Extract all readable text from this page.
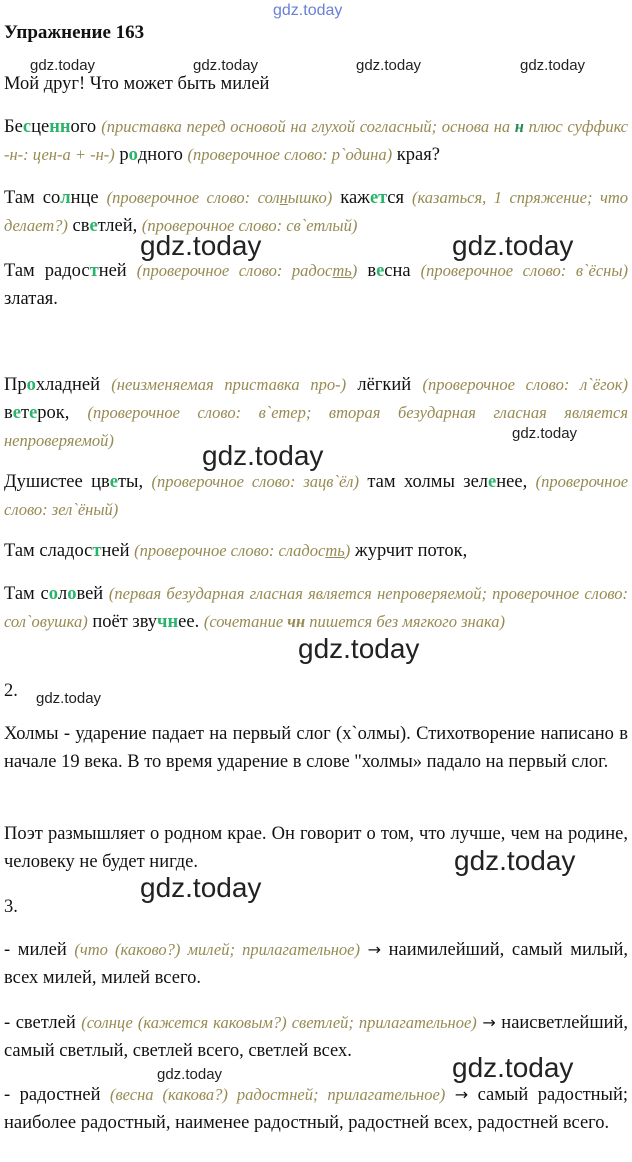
gdz.today
gdz.today	gdz.today	gdz.today	gdz.today
Упражнение 163

Мой друг! Что может быть милей

Бесценного (приставка перед основой на глухой согласный; основа на н плюс суффикс -н-: цен-а + -н-) родного (проверочное слово: р`одина) края?

Там солнце (проверочное слово: солнышко) кажется (казаться, 1 спряжение; что делает?) светлей, (проверочное слово: св`етлый)

gdz.today	gdz.today

Там радостней (проверочное слово: радость) весна (проверочное слово: в`ёсны) златая.

Прохладней (неизменяемая приставка про-) лёгкий (проверочное слово: л`ёгок) ветерок, (проверочное слово: в`етер; вторая безударная гласная является непроверяемой)	gdz.today
gdz.today

Душистее цветы, (проверочное слово: зацв`ёл) там холмы зеленее, (проверочное слово: зел`ёный)

Там сладостней (проверочное слово: сладость) журчит поток,

Там соловей (первая безударная гласная является непроверяемой; проверочное слово: сол`овушка) поёт звучнее. (сочетание чн пишется без мягкого знака)

gdz.today

2.	gdz.today

Холмы - ударение падает на первый слог (х`олмы). Стихотворение написано в начале 19 века. В то время ударение в слове "холмы» падало на первый слог.

Поэт размышляет о родном крае. Он говорит о том, что лучше, чем на родине, человеку не будет нигде.	gdz.today
gdz.today

3.

- милей (что (каково?) милей; прилагательное) → наимилейший, самый милый, всех милей, милей всего.

- светлей (солнце (кажется каковым?) светлей; прилагательное) → наисветлейший, самый светлый, светлей всего, светлей всех.

gdz.today
gdz.today

- радостней (весна (какова?) радостней; прилагательное) → самый радостный; наиболее радостный, наименее радостный, радостней всех, радостней всего.
